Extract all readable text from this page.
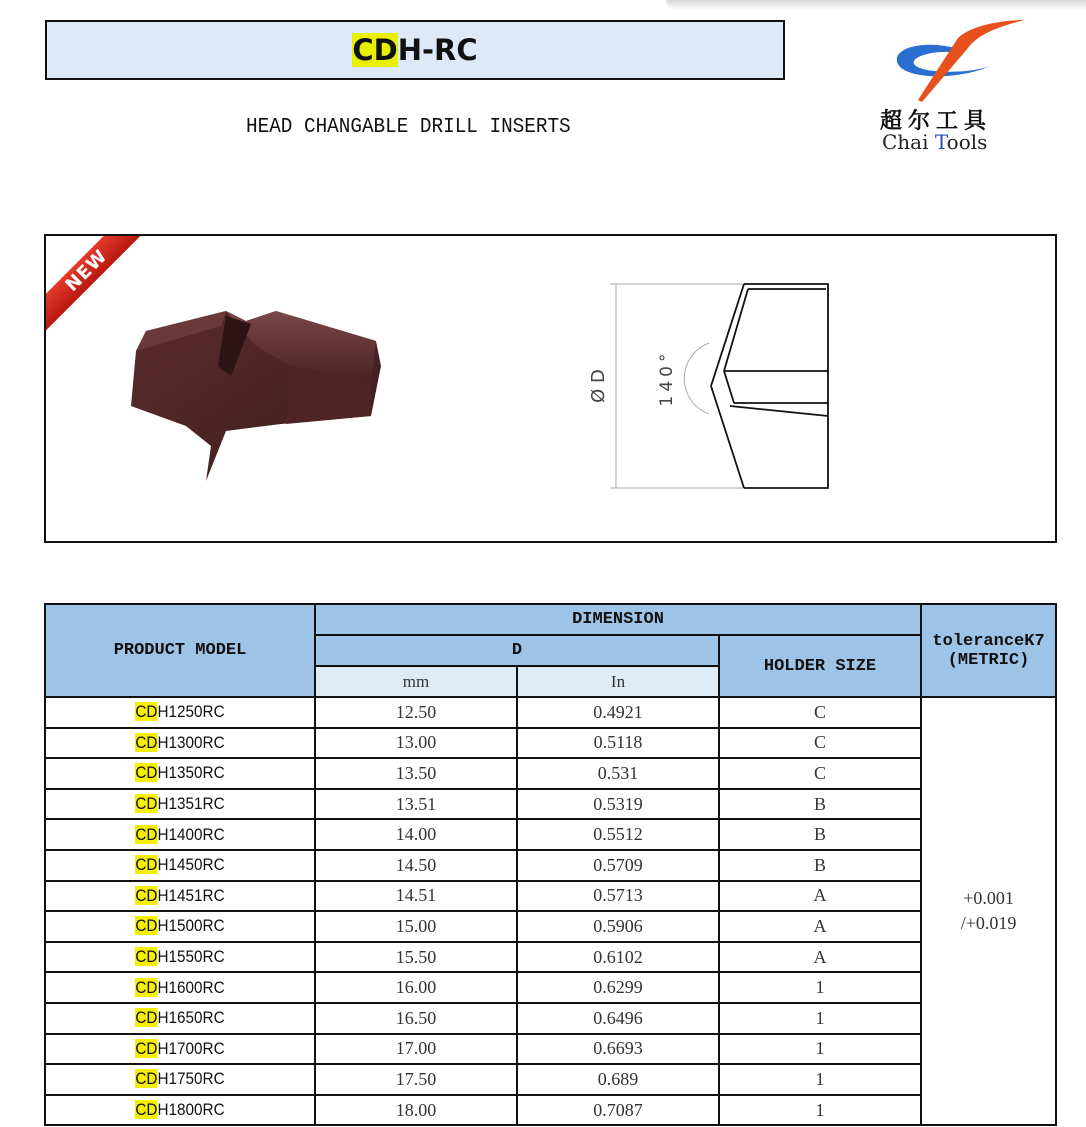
CDH-RC
HEAD CHANGABLE DRILL INSERTS	超尔工具
Chai Tools
NEW
Ø D	140°
PRODUCT MODEL	DIMENSION			toleranceK7
(METRIC)
	D		HOLDER SIZE	
	mm	In		
CDH1250RC	12.50	0.4921	C	+0.001
/+0.019
CDH1300RC	13.00	0.5118	C	
CDH1350RC	13.50	0.531	C	
CDH1351RC	13.51	0.5319	B	
CDH1400RC	14.00	0.5512	B	
CDH1450RC	14.50	0.5709	B	
CDH1451RC	14.51	0.5713	A	
CDH1500RC	15.00	0.5906	A	
CDH1550RC	15.50	0.6102	A	
CDH1600RC	16.00	0.6299	1	
CDH1650RC	16.50	0.6496	1	
CDH1700RC	17.00	0.6693	1	
CDH1750RC	17.50	0.689	1	
CDH1800RC	18.00	0.7087	1	
